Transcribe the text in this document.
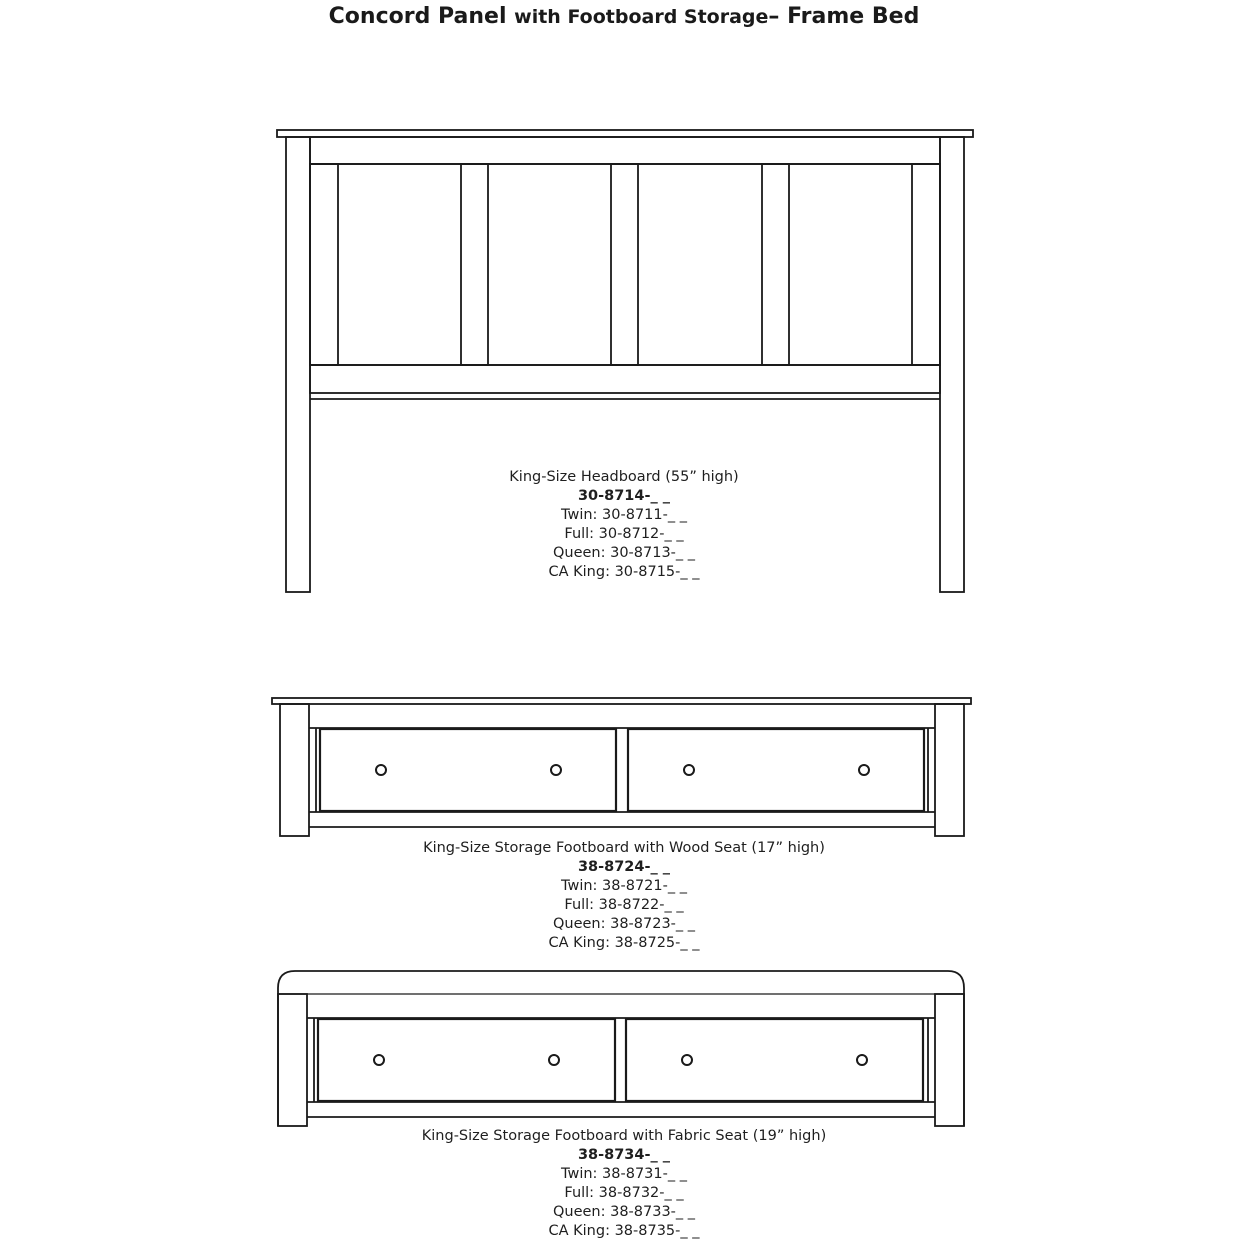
Concord Panel with Footboard Storage– Frame Bed
King-Size Headboard (55” high)
30-8714-_ _
Twin: 30-8711-_ _
Full: 30-8712-_ _
Queen: 30-8713-_ _
CA King: 30-8715-_ _
King-Size Storage Footboard with Wood Seat (17” high)
38-8724-_ _
Twin: 38-8721-_ _
Full: 38-8722-_ _
Queen: 38-8723-_ _
CA King: 38-8725-_ _
King-Size Storage Footboard with Fabric Seat (19” high)
38-8734-_ _
Twin: 38-8731-_ _
Full: 38-8732-_ _
Queen: 38-8733-_ _
CA King: 38-8735-_ _
